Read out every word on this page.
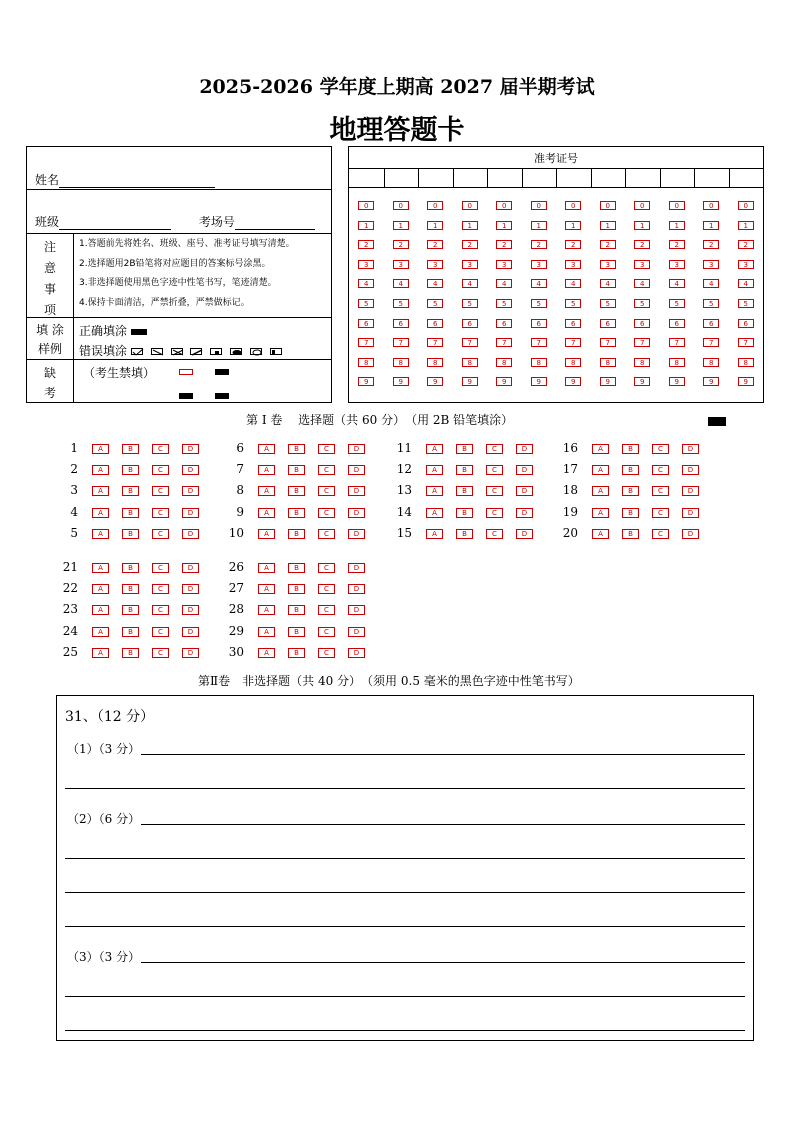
2025-2026 学年度上期高 2027 届半期考试
地理答题卡
姓名
班级	考场号
注
意
事
项
1.答题前先将姓名、班级、座号、准考证号填写清楚。
2.选择题用2B铅笔将对应题目的答案标号涂黑。
3.非选择题使用黑色字迹中性笔书写，笔迹清楚。
4.保持卡面清洁，严禁折叠，严禁做标记。
填 涂
样例
正确填涂
错误填涂

缺
考
（考生禁填）
准考证号
0	0	0	0	0	0	0	0	0	0	0	0
1	1	1	1	1	1	1	1	1	1	1	1
2	2	2	2	2	2	2	2	2	2	2	2
3	3	3	3	3	3	3	3	3	3	3	3
4	4	4	4	4	4	4	4	4	4	4	4
5	5	5	5	5	5	5	5	5	5	5	5
6	6	6	6	6	6	6	6	6	6	6	6
7	7	7	7	7	7	7	7	7	7	7	7
8	8	8	8	8	8	8	8	8	8	8	8
9	9	9	9	9	9	9	9	9	9	9	9
第 I 卷　 选择题（共 60 分）　（用 2B 铅笔填涂）
1	A	B	C	D
2	A	B	C	D
3	A	B	C	D
4	A	B	C	D
5	A	B	C	D
6	A	B	C	D
7	A	B	C	D
8	A	B	C	D
9	A	B	C	D
10	A	B	C	D
11	A	B	C	D
12	A	B	C	D
13	A	B	C	D
14	A	B	C	D
15	A	B	C	D
16	A	B	C	D
17	A	B	C	D
18	A	B	C	D
19	A	B	C	D
20	A	B	C	D
21	A	B	C	D
22	A	B	C	D
23	A	B	C	D
24	A	B	C	D
25	A	B	C	D
26	A	B	C	D
27	A	B	C	D
28	A	B	C	D
29	A	B	C	D
30	A	B	C	D
第Ⅱ卷　非选择题（共 40 分）　（须用 0.5 毫米的黑色字迹中性笔书写）
31、（12 分）
（1）（3 分）
（2）（6 分）
（3）（3 分）
